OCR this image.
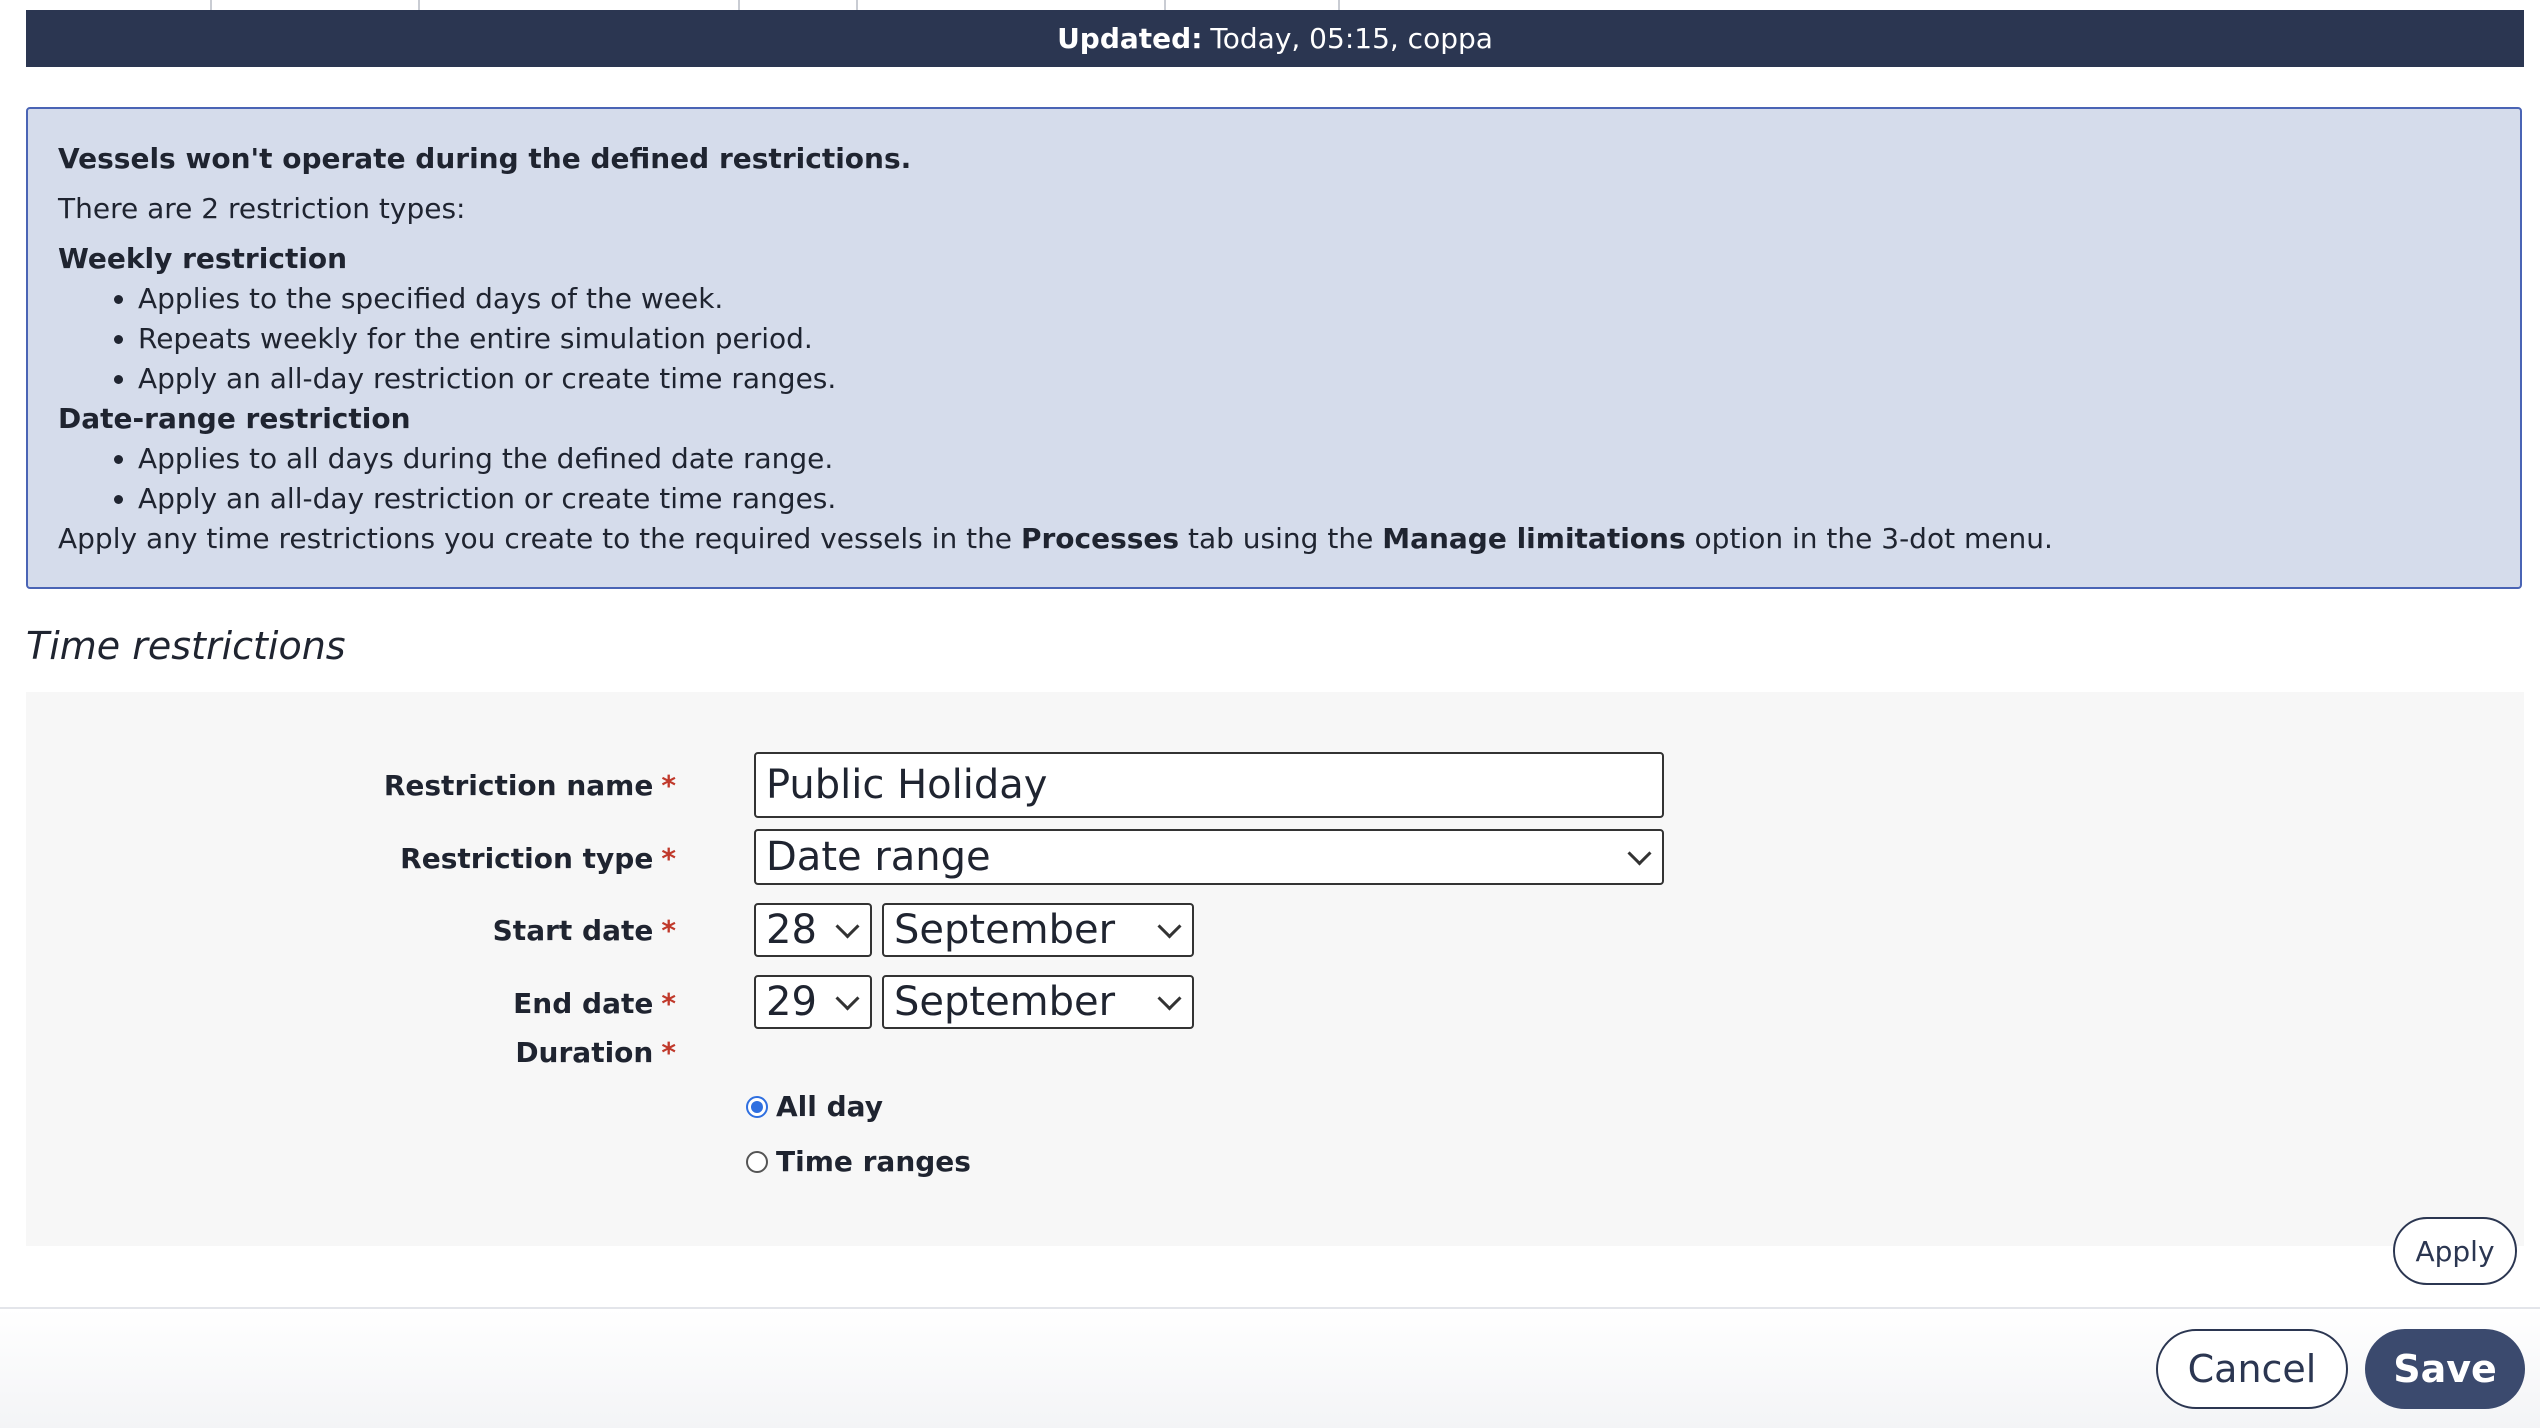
Updated: Today, 05:15, coppa

Vessels won't operate during the defined restrictions.

There are 2 restriction types:

Weekly restriction

• Applies to the specified days of the week.
• Repeats weekly for the entire simulation period.
• Apply an all-day restriction or create time ranges.

Date-range restriction

• Applies to all days during the defined date range.
• Apply an all-day restriction or create time ranges.

Apply any time restrictions you create to the required vessels in the Processes tab using the Manage limitations option in the 3-dot menu.

Time restrictions
Restriction name *
Restriction type *
Start date *
End date *
Duration *
Public Holiday
Date range
28 September
29 September
All day
Time ranges
Apply
Cancel	Save
